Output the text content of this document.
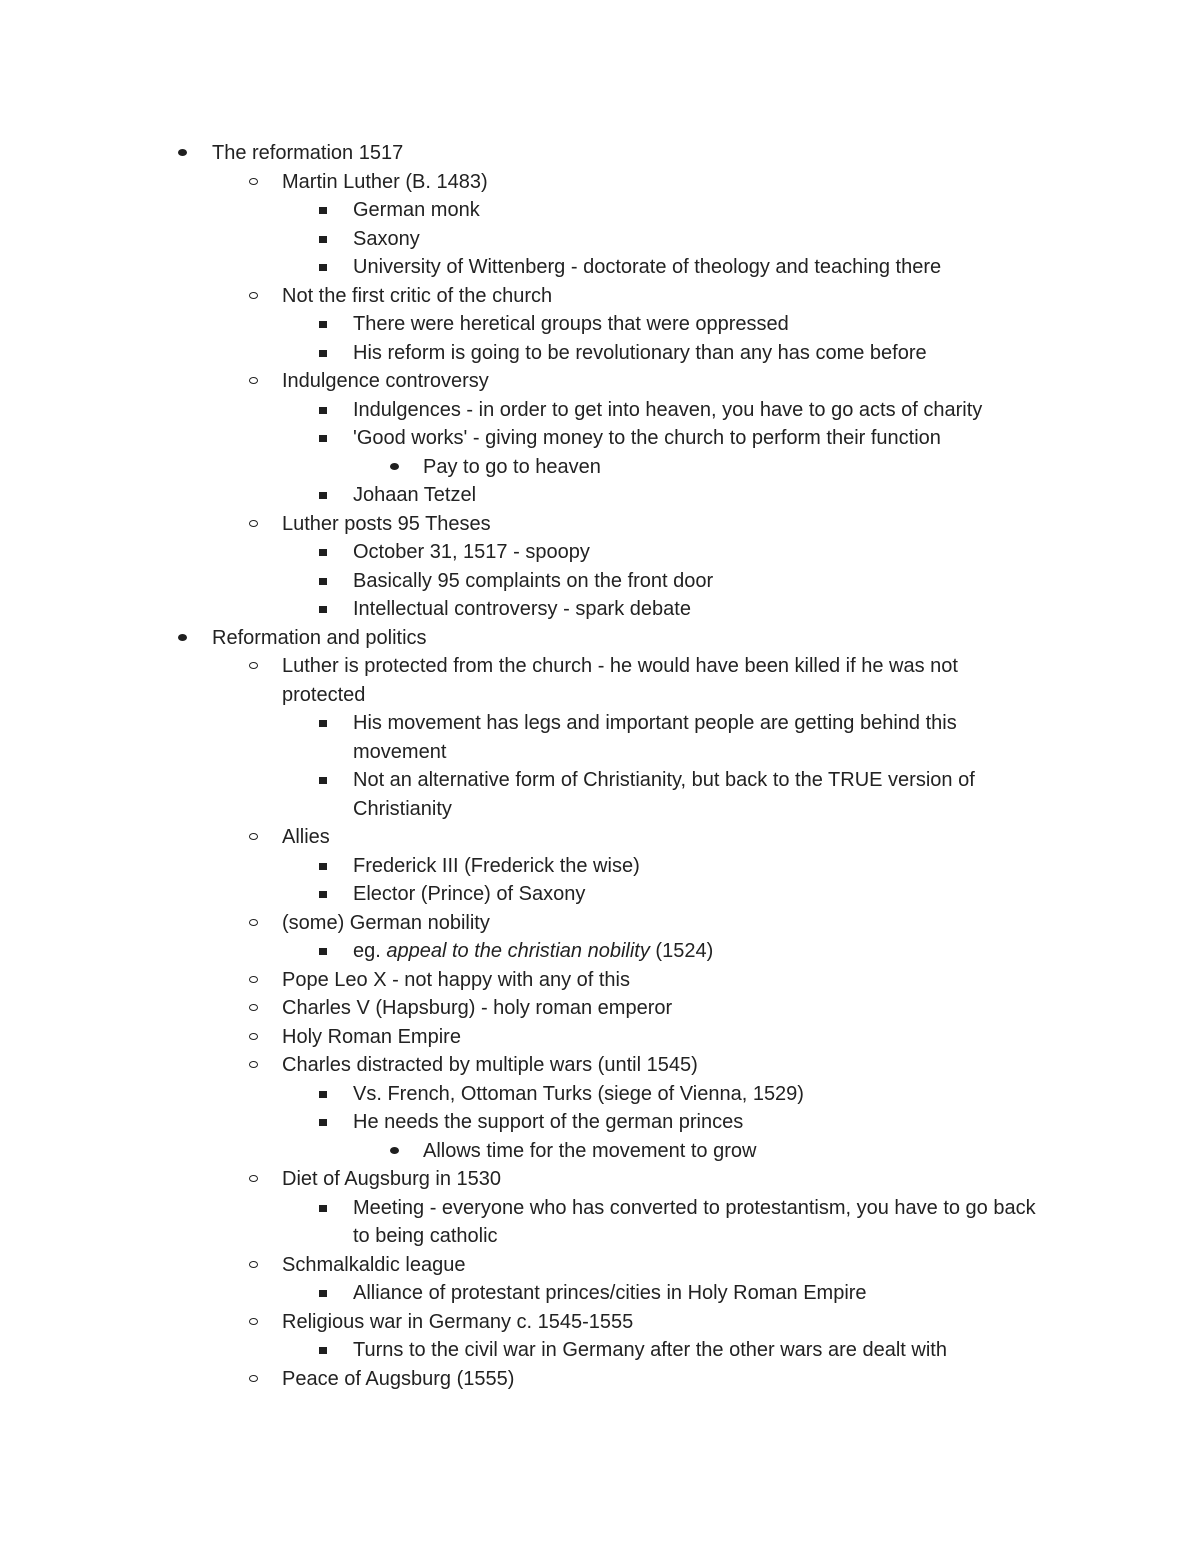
The reformation 1517
Martin Luther (B. 1483)
German monk
Saxony
University of Wittenberg - doctorate of theology and teaching there
Not the first critic of the church
There were heretical groups that were oppressed
His reform is going to be revolutionary than any has come before
Indulgence controversy
Indulgences - in order to get into heaven, you have to go acts of charity
'Good works' - giving money to the church to perform their function
Pay to go to heaven
Johaan Tetzel
Luther posts 95 Theses
October 31, 1517 - spoopy
Basically 95 complaints on the front door
Intellectual controversy - spark debate
Reformation and politics
Luther is protected from the church - he would have been killed if he was not protected
His movement has legs and important people are getting behind this movement
Not an alternative form of Christianity, but back to the TRUE version of Christianity
Allies
Frederick III (Frederick the wise)
Elector (Prince) of Saxony
(some) German nobility
eg. appeal to the christian nobility (1524)
Pope Leo X - not happy with any of this
Charles V (Hapsburg) - holy roman emperor
Holy Roman Empire
Charles distracted by multiple wars (until 1545)
Vs. French, Ottoman Turks (siege of Vienna, 1529)
He needs the support of the german princes
Allows time for the movement to grow
Diet of Augsburg in 1530
Meeting - everyone who has converted to protestantism, you have to go back to being catholic
Schmalkaldic league
Alliance of protestant princes/cities in Holy Roman Empire
Religious war in Germany c. 1545-1555
Turns to the civil war in Germany after the other wars are dealt with
Peace of Augsburg (1555)
